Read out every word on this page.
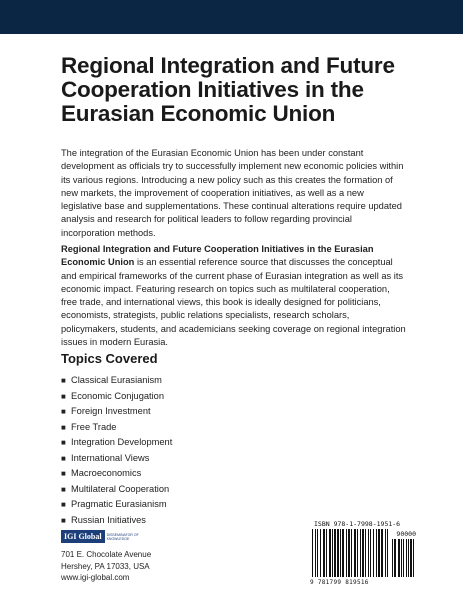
Regional Integration and Future Cooperation Initiatives in the Eurasian Economic Union
The integration of the Eurasian Economic Union has been under constant development as officials try to successfully implement new economic policies within its various regions. Introducing a new policy such as this creates the formation of new markets, the improvement of cooperation initiatives, as well as a new legislative base and supplementations. These continual alterations require updated analysis and research for political leaders to follow regarding provincial incorporation methods.
Regional Integration and Future Cooperation Initiatives in the Eurasian Economic Union is an essential reference source that discusses the conceptual and empirical frameworks of the current phase of Eurasian integration as well as its economic impact. Featuring research on topics such as multilateral cooperation, free trade, and international views, this book is ideally designed for politicians, economists, strategists, public relations specialists, research scholars, policymakers, students, and academicians seeking coverage on regional integration issues in modern Eurasia.
Topics Covered
■ Classical Eurasianism
■ Economic Conjugation
■ Foreign Investment
■ Free Trade
■ Integration Development
■ International Views
■ Macroeconomics
■ Multilateral Cooperation
■ Pragmatic Eurasianism
■ Russian Initiatives
IGI Global	DISSEMINATOR OF KNOWLEDGE
701 E. Chocolate Avenue
Hershey, PA 17033, USA
www.igi-global.com
ISBN 978-1-7998-1951-6
90000
9 781799 819516
